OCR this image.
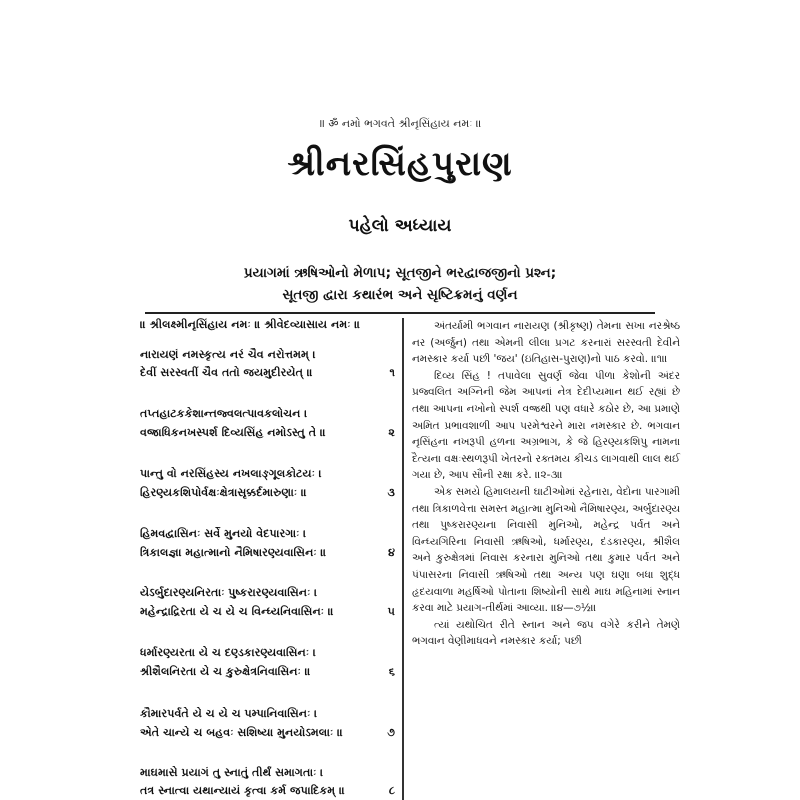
॥ ॐ નમો ભગવતે શ્રીનૃસિંહાય નમઃ ॥
શ્રીનરસિંહપુરાણ
પહેલો અધ્યાય
પ્રયાગમાં ઋષિઓનો મેળાપ; સૂતજીને ભરદ્વાજજીનો પ્રશ્ન;
સૂતજી દ્વારા કથારંભ અને સૃષ્ટિક્રમનું વર્ણન
॥ શ્રીલક્ષ્મીનૃસિંહાય નમઃ ॥ શ્રીવેદવ્યાસાય નમઃ ॥
નારાયણં નમસ્કૃત્ય નરં ચૈવ નરોત્તમમ્ ।
દેવીં સરસ્વતીં ચૈવ તતો જયમુદીરયેત્ ॥	૧
તપ્તહાટકકેશાન્તજ્વલત્પાવકલોચન ।
વજ્રાધિકનખસ્પર્શ દિવ્યસિંહ નમોઽસ્તુ તે ॥	૨
પાન્તુ વો નરસિંહસ્ય નખલાઙ્ગૂલકોટયઃ ।
હિરણ્યકશિપોર્વક્ષઃક્ષેત્રાસૃક્કર્દમારુણાઃ ॥	૩
હિમવદ્વાસિનઃ સર્વે મુનયો વેદપારગાઃ ।
ત્રિકાલજ્ઞા મહાત્માનો નૈમિષારણ્યવાસિનઃ ॥	૪
યેઽર્બુદારણ્યનિરતાઃ પુષ્કરારણ્યવાસિનઃ ।
મહેન્દ્રાદ્રિરતા યે ચ યે ચ વિન્ધ્યનિવાસિનઃ ॥	૫
ધર્મારણ્યરતા યે ચ દણ્ડકારણ્યવાસિનઃ ।
શ્રીશૈલનિરતા યે ચ કુરુક્ષેત્રનિવાસિનઃ ॥	૬
કૌમારપર્વતે યે ચ યે ચ પમ્પાનિવાસિનઃ ।
એતે ચાન્યે ચ બહવઃ સશિષ્યા મુનયોઽમલાઃ ॥	૭
માઘમાસે પ્રયાગં તુ સ્નાતું તીર્થં સમાગતાઃ ।
તત્ર સ્નાત્વા યથાન્યાયં કૃત્વા કર્મ જપાદિકમ્ ॥	૮

અંતર્યામી ભગવાન નારાયણ (શ્રીકૃષ્ણ) તેમના સખા નરશ્રેષ્ઠ નર (અર્જુન) તથા એમની લીલા પ્રગટ કરનારાં સરસ્વતી દેવીને નમસ્કાર કર્યા પછી 'જય' (ઇતિહાસ-પુરાણ)નો પાઠ કરવો. ॥૧॥

દિવ્ય સિંહ ! તપાવેલા સુવર્ણ જેવા પીળા કેશોની અંદર પ્રજ્વલિત અગ્નિની જેમ આપનાં નેત્ર દેદીપ્યમાન થઈ રહ્યાં છે તથા આપના નખોનો સ્પર્શ વજ્રથી પણ વધારે કઠોર છે, આ પ્રમાણે અમિત પ્રભાવશાળી આપ પરમેશ્વરને મારા નમસ્કાર છે. ભગવાન નૃસિંહના નખરૂપી હળના અગ્રભાગ, કે જે હિરણ્યકશિપુ નામના દૈત્યના વક્ષઃસ્થળરૂપી ખેતરનો રક્તમય કીચડ લાગવાથી લાલ થઈ ગયા છે, આપ સૌની રક્ષા કરે. ॥૨-૩॥

એક સમયે હિમાલયની ઘાટીઓમાં રહેનારા, વેદોના પારગામી તથા ત્રિકાળવેત્તા સમસ્ત મહાત્મા મુનિઓ નૈમિષારણ્ય, અર્બુદારણ્ય તથા પુષ્કરારણ્યના નિવાસી મુનિઓ, મહેન્દ્ર પર્વત અને વિન્ધ્યગિરિના નિવાસી ઋષિઓ, ધર્મારણ્ય, દંડકારણ્ય, શ્રીશૈલ અને કુરુક્ષેત્રમાં નિવાસ કરનારા મુનિઓ તથા કુમાર પર્વત અને પંપાસરના નિવાસી ઋષિઓ તથા અન્ય પણ ઘણા બધા શુદ્ધ હૃદયવાળા મહર્ષિઓ પોતાના શિષ્યોની સાથે માઘ મહિનામાં સ્નાન કરવા માટે પ્રયાગ-તીર્થમાં આવ્યા. ॥૪—૭½॥

ત્યાં યથોચિત રીતે સ્નાન અને જપ વગેરે કરીને તેમણે ભગવાન વેણીમાધવને નમસ્કાર કર્યા; પછી
